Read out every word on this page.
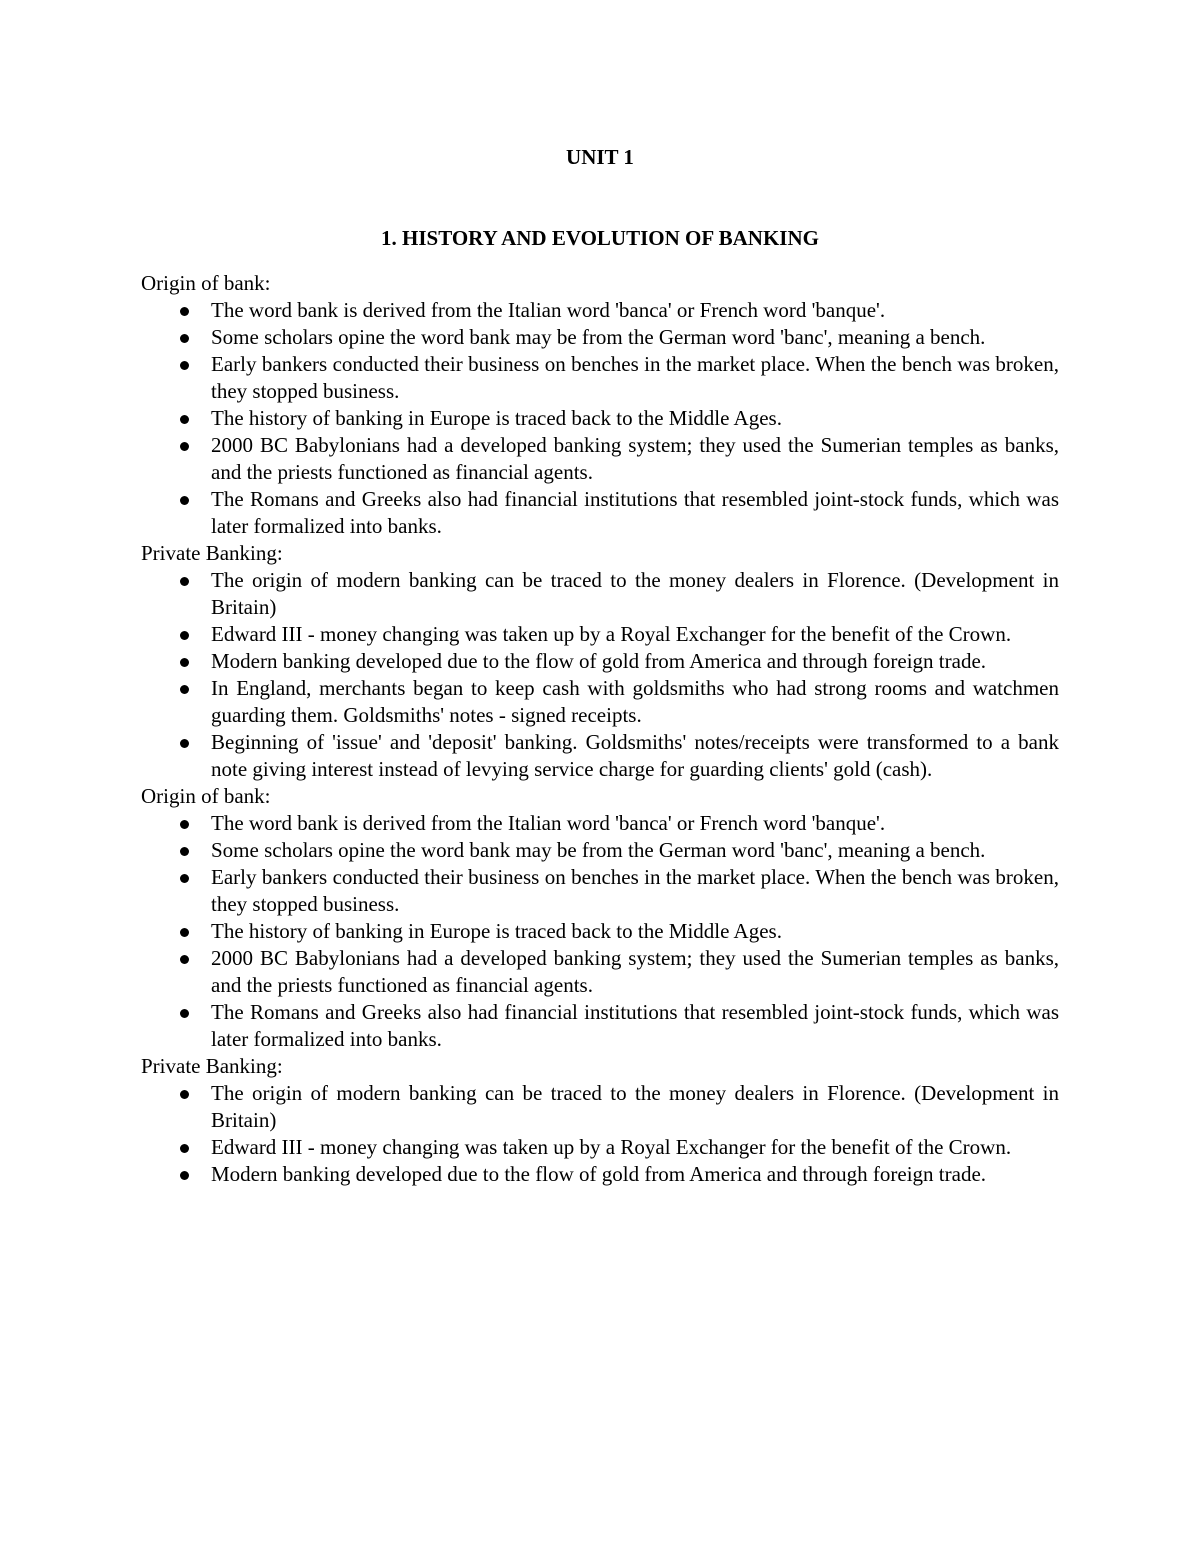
UNIT 1
1. HISTORY AND EVOLUTION OF BANKING

Origin of bank:

The word bank is derived from the Italian word 'banca' or French word 'banque'.
Some scholars opine the word bank may be from the German word 'banc', meaning a bench.
Early bankers conducted their business on benches in the market place. When the bench was broken, they stopped business.
The history of banking in Europe is traced back to the Middle Ages.
2000 BC Babylonians had a developed banking system; they used the Sumerian temples as banks, and the priests functioned as financial agents.
The Romans and Greeks also had financial institutions that resembled joint-stock funds, which was later formalized into banks.

Private Banking:

The origin of modern banking can be traced to the money dealers in Florence. (Development in Britain)
Edward III - money changing was taken up by a Royal Exchanger for the benefit of the Crown.
Modern banking developed due to the flow of gold from America and through foreign trade.
In England, merchants began to keep cash with goldsmiths who had strong rooms and watchmen guarding them. Goldsmiths' notes - signed receipts.
Beginning of 'issue' and 'deposit' banking. Goldsmiths' notes/receipts were transformed to a bank note giving interest instead of levying service charge for guarding clients' gold (cash).

Origin of bank:

The word bank is derived from the Italian word 'banca' or French word 'banque'.
Some scholars opine the word bank may be from the German word 'banc', meaning a bench.
Early bankers conducted their business on benches in the market place. When the bench was broken, they stopped business.
The history of banking in Europe is traced back to the Middle Ages.
2000 BC Babylonians had a developed banking system; they used the Sumerian temples as banks, and the priests functioned as financial agents.
The Romans and Greeks also had financial institutions that resembled joint-stock funds, which was later formalized into banks.

Private Banking:

The origin of modern banking can be traced to the money dealers in Florence. (Development in Britain)
Edward III - money changing was taken up by a Royal Exchanger for the benefit of the Crown.
Modern banking developed due to the flow of gold from America and through foreign trade.
